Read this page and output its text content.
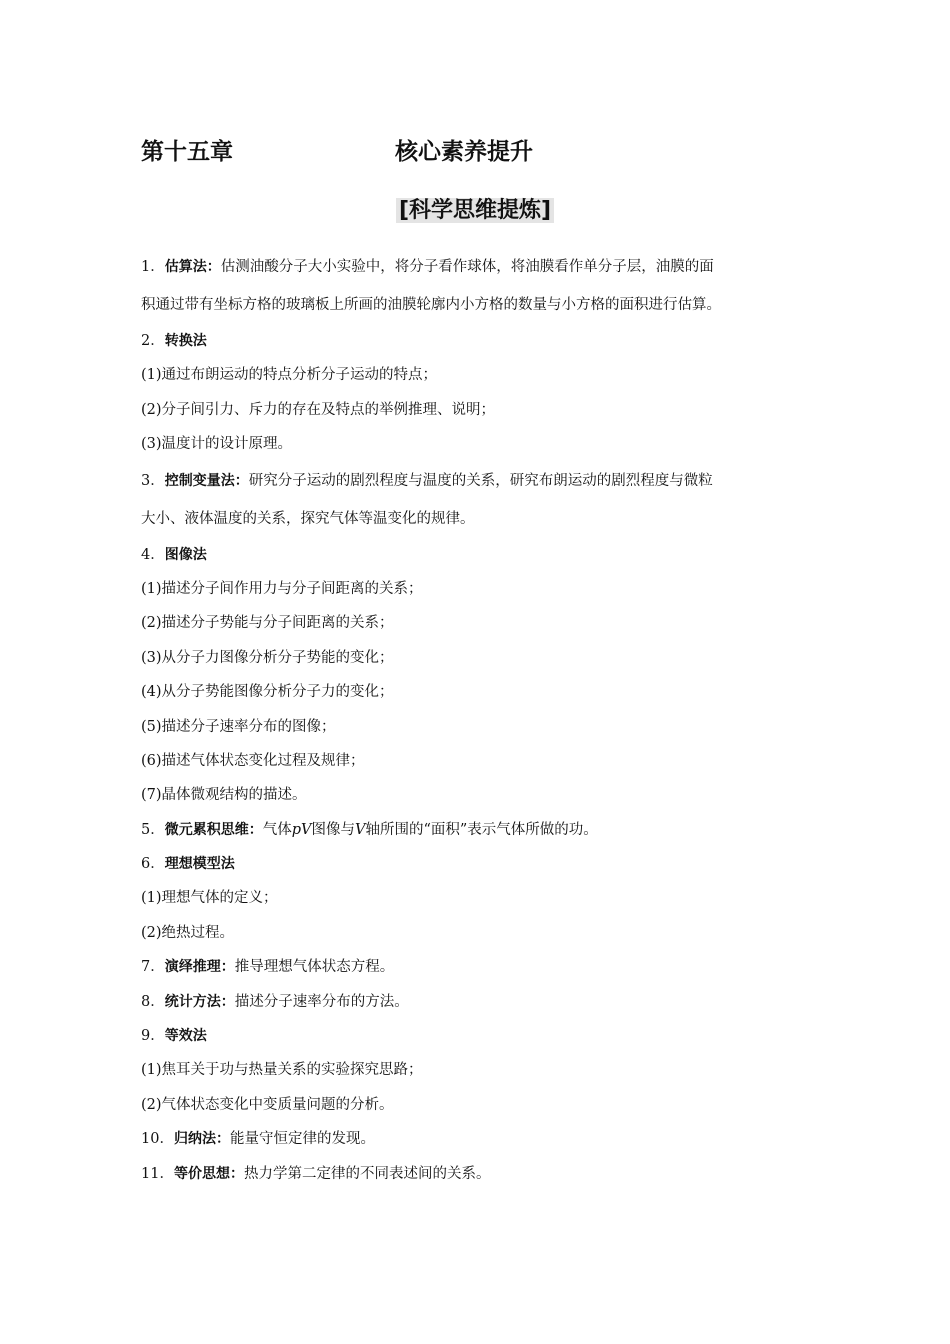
第十五章	核心素养提升
[科学思维提炼]
1．估算法：估测油酸分子大小实验中，将分子看作球体，将油膜看作单分子层，油膜的面
积通过带有坐标方格的玻璃板上所画的油膜轮廓内小方格的数量与小方格的面积进行估算。
2．转换法
(1)通过布朗运动的特点分析分子运动的特点；
(2)分子间引力、斥力的存在及特点的举例推理、说明；
(3)温度计的设计原理。
3．控制变量法：研究分子运动的剧烈程度与温度的关系，研究布朗运动的剧烈程度与微粒
大小、液体温度的关系，探究气体等温变化的规律。
4．图像法
(1)描述分子间作用力与分子间距离的关系；
(2)描述分子势能与分子间距离的关系；
(3)从分子力图像分析分子势能的变化；
(4)从分子势能图像分析分子力的变化；
(5)描述分子速率分布的图像；
(6)描述气体状态变化过程及规律；
(7)晶体微观结构的描述。
5．微元累积思维：气体pV图像与V轴所围的“面积”表示气体所做的功。
6．理想模型法
(1)理想气体的定义；
(2)绝热过程。
7．演绎推理：推导理想气体状态方程。
8．统计方法：描述分子速率分布的方法。
9．等效法
(1)焦耳关于功与热量关系的实验探究思路；
(2)气体状态变化中变质量问题的分析。
10．归纳法：能量守恒定律的发现。
11．等价思想：热力学第二定律的不同表述间的关系。
